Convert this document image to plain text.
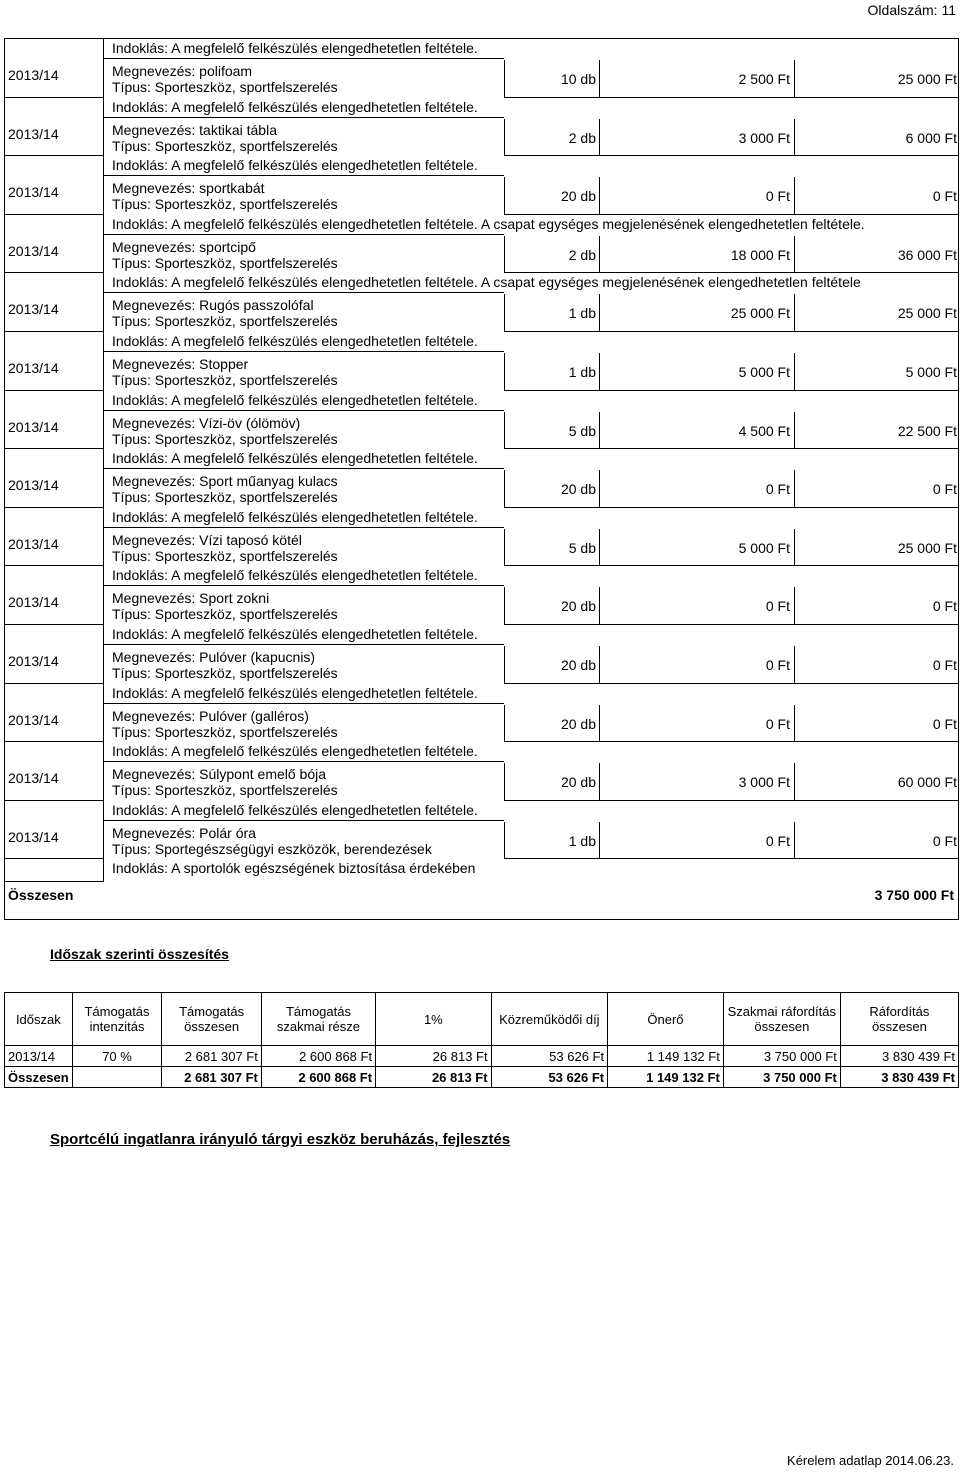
Oldalszám: 11
Indoklás: A megfelelő felkészülés elengedhetetlen feltétele.
2013/14	Megnevezés: polifoam
Típus: Sporteszköz, sportfelszerelés	10 db	2 500 Ft	25 000 Ft
Indoklás: A megfelelő felkészülés elengedhetetlen feltétele.
2013/14	Megnevezés: taktikai tábla
Típus: Sporteszköz, sportfelszerelés	2 db	3 000 Ft	6 000 Ft
Indoklás: A megfelelő felkészülés elengedhetetlen feltétele.
2013/14	Megnevezés: sportkabát
Típus: Sporteszköz, sportfelszerelés	20 db	0 Ft	0 Ft
Indoklás: A megfelelő felkészülés elengedhetetlen feltétele. A csapat egységes megjelenésének elengedhetetlen feltétele.
2013/14	Megnevezés: sportcipő
Típus: Sporteszköz, sportfelszerelés	2 db	18 000 Ft	36 000 Ft
Indoklás: A megfelelő felkészülés elengedhetetlen feltétele. A csapat egységes megjelenésének elengedhetetlen feltétele
2013/14	Megnevezés: Rugós passzolófal
Típus: Sporteszköz, sportfelszerelés	1 db	25 000 Ft	25 000 Ft
Indoklás: A megfelelő felkészülés elengedhetetlen feltétele.
2013/14	Megnevezés: Stopper
Típus: Sporteszköz, sportfelszerelés	1 db	5 000 Ft	5 000 Ft
Indoklás: A megfelelő felkészülés elengedhetetlen feltétele.
2013/14	Megnevezés: Vízi-öv (ólömöv)
Típus: Sporteszköz, sportfelszerelés	5 db	4 500 Ft	22 500 Ft
Indoklás: A megfelelő felkészülés elengedhetetlen feltétele.
2013/14	Megnevezés: Sport műanyag kulacs
Típus: Sporteszköz, sportfelszerelés	20 db	0 Ft	0 Ft
Indoklás: A megfelelő felkészülés elengedhetetlen feltétele.
2013/14	Megnevezés: Vízi taposó kötél
Típus: Sporteszköz, sportfelszerelés	5 db	5 000 Ft	25 000 Ft
Indoklás: A megfelelő felkészülés elengedhetetlen feltétele.
2013/14	Megnevezés: Sport zokni
Típus: Sporteszköz, sportfelszerelés	20 db	0 Ft	0 Ft
Indoklás: A megfelelő felkészülés elengedhetetlen feltétele.
2013/14	Megnevezés: Pulóver (kapucnis)
Típus: Sporteszköz, sportfelszerelés	20 db	0 Ft	0 Ft
Indoklás: A megfelelő felkészülés elengedhetetlen feltétele.
2013/14	Megnevezés: Pulóver (galléros)
Típus: Sporteszköz, sportfelszerelés	20 db	0 Ft	0 Ft
Indoklás: A megfelelő felkészülés elengedhetetlen feltétele.
2013/14	Megnevezés: Súlypont emelő bója
Típus: Sporteszköz, sportfelszerelés	20 db	3 000 Ft	60 000 Ft
Indoklás: A megfelelő felkészülés elengedhetetlen feltétele.
2013/14	Megnevezés: Polár óra
Típus: Sportegészségügyi eszközök, berendezések	1 db	0 Ft	0 Ft
Indoklás: A sportolók egészségének biztosítása érdekében
Összesen	3 750 000 Ft
Időszak szerinti összesítés
Időszak	Támogatás intenzitás	Támogatás összesen	Támogatás szakmai része	1%	Közreműködői díj	Önerő	Szakmai ráfordítás összesen	Ráfordítás összesen
2013/14	70 %	2 681 307 Ft	2 600 868 Ft	26 813 Ft	53 626 Ft	1 149 132 Ft	3 750 000 Ft	3 830 439 Ft
Összesen		2 681 307 Ft	2 600 868 Ft	26 813 Ft	53 626 Ft	1 149 132 Ft	3 750 000 Ft	3 830 439 Ft
Sportcélú ingatlanra irányuló tárgyi eszköz beruházás, fejlesztés
Kérelem adatlap 2014.06.23.
